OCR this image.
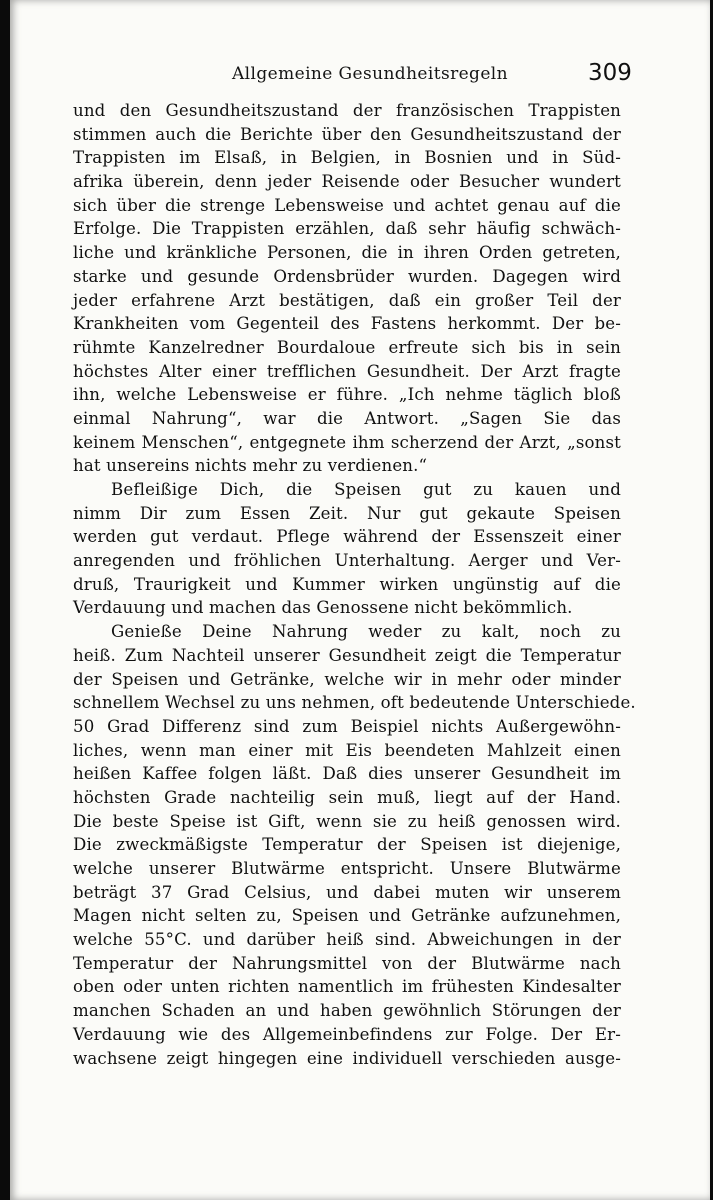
Allgemeine Gesundheitsregeln	309
und den Gesundheitszustand der französischen Trappisten
stimmen auch die Berichte über den Gesundheitszustand der
Trappisten im Elsaß, in Belgien, in Bosnien und in Süd-
afrika überein, denn jeder Reisende oder Besucher wundert
sich über die strenge Lebensweise und achtet genau auf die
Erfolge. Die Trappisten erzählen, daß sehr häufig schwäch-
liche und kränkliche Personen, die in ihren Orden getreten,
starke und gesunde Ordensbrüder wurden. Dagegen wird
jeder erfahrene Arzt bestätigen, daß ein großer Teil der
Krankheiten vom Gegenteil des Fastens herkommt. Der be-
rühmte Kanzelredner Bourdaloue erfreute sich bis in sein
höchstes Alter einer trefflichen Gesundheit. Der Arzt fragte
ihn, welche Lebensweise er führe. „Ich nehme täglich bloß
einmal Nahrung“, war die Antwort. „Sagen Sie das
keinem Menschen“, entgegnete ihm scherzend der Arzt, „sonst
hat unsereins nichts mehr zu verdienen.“
Befleißige Dich, die Speisen gut zu kauen und
nimm Dir zum Essen Zeit. Nur gut gekaute Speisen
werden gut verdaut. Pflege während der Essenszeit einer
anregenden und fröhlichen Unterhaltung. Aerger und Ver-
druß, Traurigkeit und Kummer wirken ungünstig auf die
Verdauung und machen das Genossene nicht bekömmlich.
Genieße Deine Nahrung weder zu kalt, noch zu
heiß. Zum Nachteil unserer Gesundheit zeigt die Temperatur
der Speisen und Getränke, welche wir in mehr oder minder
schnellem Wechsel zu uns nehmen, oft bedeutende Unterschiede.
50 Grad Differenz sind zum Beispiel nichts Außergewöhn-
liches, wenn man einer mit Eis beendeten Mahlzeit einen
heißen Kaffee folgen läßt. Daß dies unserer Gesundheit im
höchsten Grade nachteilig sein muß, liegt auf der Hand.
Die beste Speise ist Gift, wenn sie zu heiß genossen wird.
Die zweckmäßigste Temperatur der Speisen ist diejenige,
welche unserer Blutwärme entspricht. Unsere Blutwärme
beträgt 37 Grad Celsius, und dabei muten wir unserem
Magen nicht selten zu, Speisen und Getränke aufzunehmen,
welche 55°C. und darüber heiß sind. Abweichungen in der
Temperatur der Nahrungsmittel von der Blutwärme nach
oben oder unten richten namentlich im frühesten Kindesalter
manchen Schaden an und haben gewöhnlich Störungen der
Verdauung wie des Allgemeinbefindens zur Folge. Der Er-
wachsene zeigt hingegen eine individuell verschieden ausge-
